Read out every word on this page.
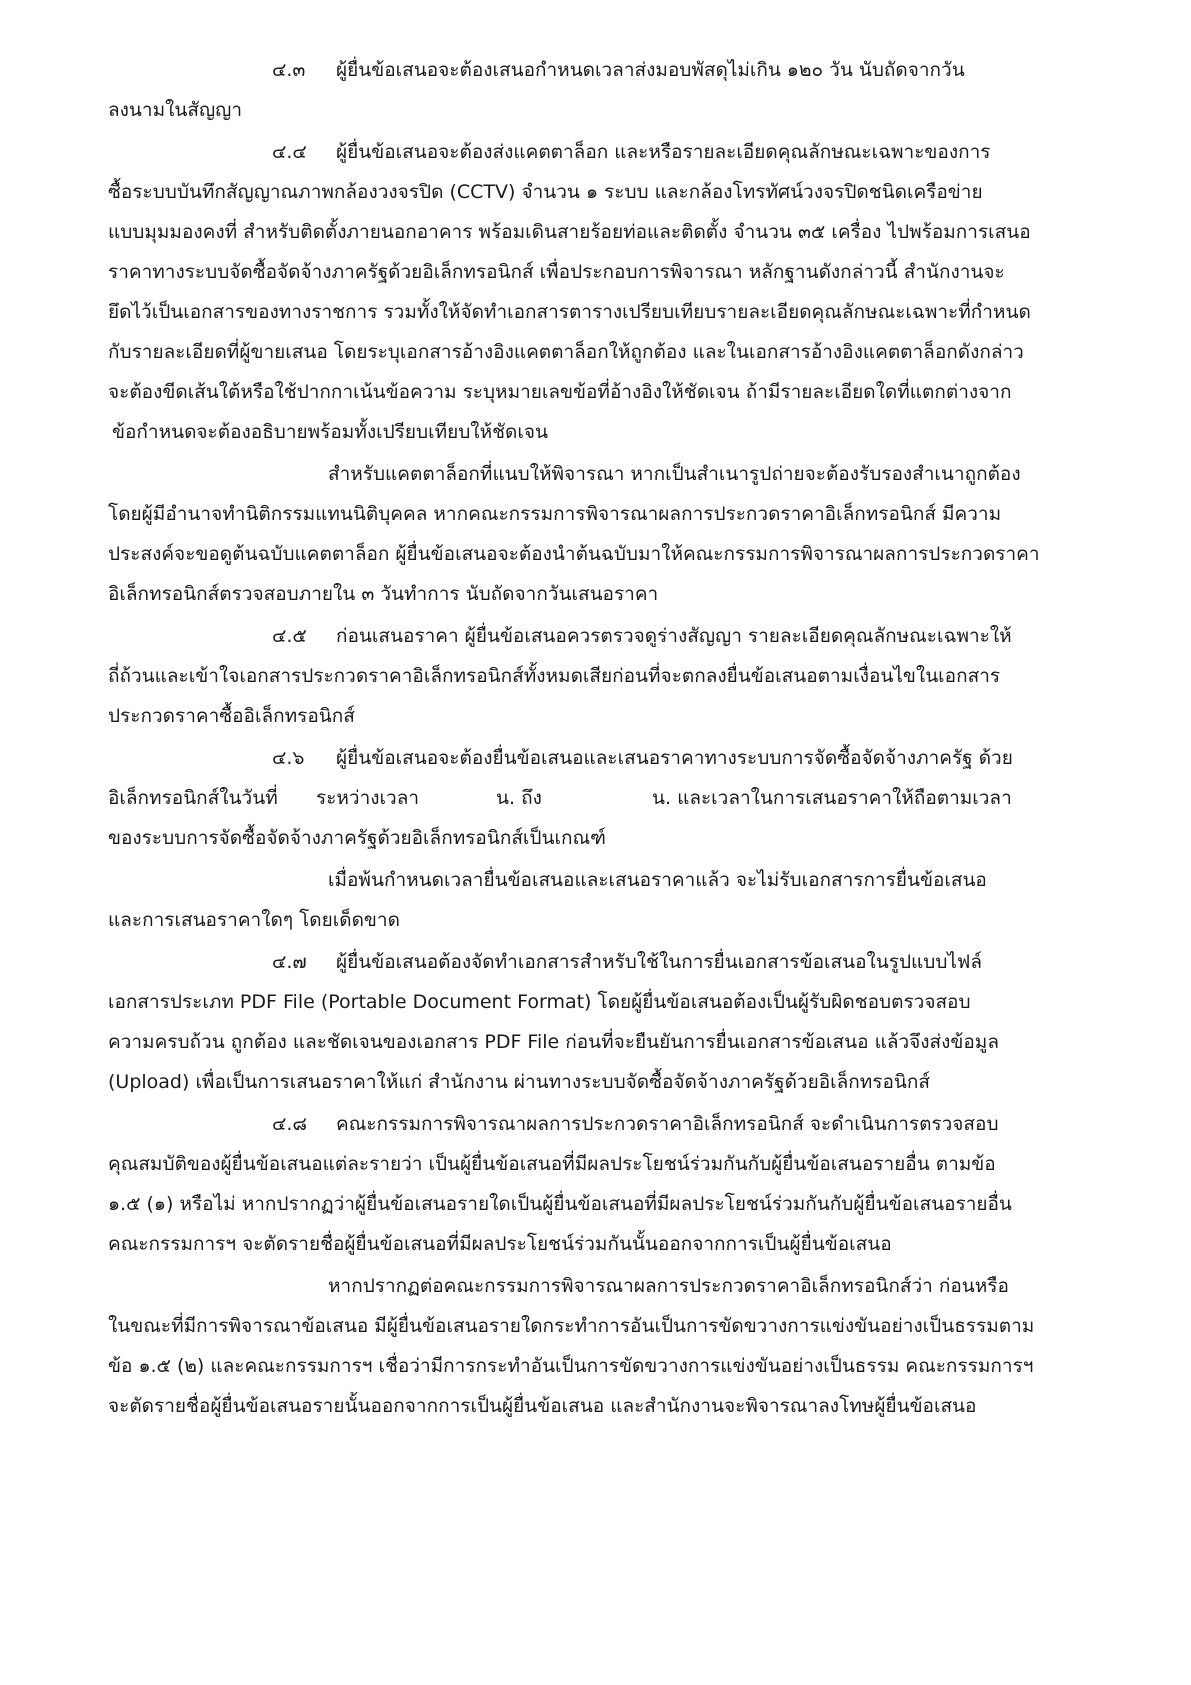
๔.๓ ผู้ยื่นข้อเสนอจะต้องเสนอกำหนดเวลาส่งมอบพัสดุไม่เกิน ๑๒๐ วัน นับถัดจากวัน
ลงนามในสัญญา
๔.๔ ผู้ยื่นข้อเสนอจะต้องส่งแคตตาล็อก และหรือรายละเอียดคุณลักษณะเฉพาะของการ
ซื้อระบบบันทึกสัญญาณภาพกล้องวงจรปิด (CCTV) จำนวน ๑ ระบบ และกล้องโทรทัศน์วงจรปิดชนิดเครือข่าย
แบบมุมมองคงที่ สำหรับติดตั้งภายนอกอาคาร พร้อมเดินสายร้อยท่อและติดตั้ง จำนวน ๓๕ เครื่อง ไปพร้อมการเสนอ
ราคาทางระบบจัดซื้อจัดจ้างภาครัฐด้วยอิเล็กทรอนิกส์ เพื่อประกอบการพิจารณา หลักฐานดังกล่าวนี้ สำนักงานจะ
ยึดไว้เป็นเอกสารของทางราชการ รวมทั้งให้จัดทำเอกสารตารางเปรียบเทียบรายละเอียดคุณลักษณะเฉพาะที่กำหนด
กับรายละเอียดที่ผู้ขายเสนอ โดยระบุเอกสารอ้างอิงแคตตาล็อกให้ถูกต้อง และในเอกสารอ้างอิงแคตตาล็อกดังกล่าว
จะต้องขีดเส้นใต้หรือใช้ปากกาเน้นข้อความ ระบุหมายเลขข้อที่อ้างอิงให้ชัดเจน ถ้ามีรายละเอียดใดที่แตกต่างจาก
ข้อกำหนดจะต้องอธิบายพร้อมทั้งเปรียบเทียบให้ชัดเจน
สำหรับแคตตาล็อกที่แนบให้พิจารณา หากเป็นสำเนารูปถ่ายจะต้องรับรองสำเนาถูกต้อง
โดยผู้มีอำนาจทำนิติกรรมแทนนิติบุคคล หากคณะกรรมการพิจารณาผลการประกวดราคาอิเล็กทรอนิกส์ มีความ
ประสงค์จะขอดูต้นฉบับแคตตาล็อก ผู้ยื่นข้อเสนอจะต้องนำต้นฉบับมาให้คณะกรรมการพิจารณาผลการประกวดราคา
อิเล็กทรอนิกส์ตรวจสอบภายใน ๓ วันทำการ นับถัดจากวันเสนอราคา
๔.๕ ก่อนเสนอราคา ผู้ยื่นข้อเสนอควรตรวจดูร่างสัญญา รายละเอียดคุณลักษณะเฉพาะให้
ถี่ถ้วนและเข้าใจเอกสารประกวดราคาอิเล็กทรอนิกส์ทั้งหมดเสียก่อนที่จะตกลงยื่นข้อเสนอตามเงื่อนไขในเอกสาร
ประกวดราคาซื้ออิเล็กทรอนิกส์
๔.๖ ผู้ยื่นข้อเสนอจะต้องยื่นข้อเสนอและเสนอราคาทางระบบการจัดซื้อจัดจ้างภาครัฐ ด้วย
อิเล็กทรอนิกส์ในวันที่ ระหว่างเวลา	น. ถึง	น. และเวลาในการเสนอราคาให้ถือตามเวลา
ของระบบการจัดซื้อจัดจ้างภาครัฐด้วยอิเล็กทรอนิกส์เป็นเกณฑ์
เมื่อพ้นกำหนดเวลายื่นข้อเสนอและเสนอราคาแล้ว จะไม่รับเอกสารการยื่นข้อเสนอ
และการเสนอราคาใดๆ โดยเด็ดขาด
๔.๗ ผู้ยื่นข้อเสนอต้องจัดทำเอกสารสำหรับใช้ในการยื่นเอกสารข้อเสนอในรูปแบบไฟล์
เอกสารประเภท PDF File (Portable Document Format) โดยผู้ยื่นข้อเสนอต้องเป็นผู้รับผิดชอบตรวจสอบ
ความครบถ้วน ถูกต้อง และชัดเจนของเอกสาร PDF File ก่อนที่จะยืนยันการยื่นเอกสารข้อเสนอ แล้วจึงส่งข้อมูล
(Upload) เพื่อเป็นการเสนอราคาให้แก่ สำนักงาน ผ่านทางระบบจัดซื้อจัดจ้างภาครัฐด้วยอิเล็กทรอนิกส์
๔.๘ คณะกรรมการพิจารณาผลการประกวดราคาอิเล็กทรอนิกส์ จะดำเนินการตรวจสอบ
คุณสมบัติของผู้ยื่นข้อเสนอแต่ละรายว่า เป็นผู้ยื่นข้อเสนอที่มีผลประโยชน์ร่วมกันกับผู้ยื่นข้อเสนอรายอื่น ตามข้อ
๑.๕ (๑) หรือไม่ หากปรากฏว่าผู้ยื่นข้อเสนอรายใดเป็นผู้ยื่นข้อเสนอที่มีผลประโยชน์ร่วมกันกับผู้ยื่นข้อเสนอรายอื่น
คณะกรรมการฯ จะตัดรายชื่อผู้ยื่นข้อเสนอที่มีผลประโยชน์ร่วมกันนั้นออกจากการเป็นผู้ยื่นข้อเสนอ
หากปรากฏต่อคณะกรรมการพิจารณาผลการประกวดราคาอิเล็กทรอนิกส์ว่า ก่อนหรือ
ในขณะที่มีการพิจารณาข้อเสนอ มีผู้ยื่นข้อเสนอรายใดกระทำการอันเป็นการขัดขวางการแข่งขันอย่างเป็นธรรมตาม
ข้อ ๑.๕ (๒) และคณะกรรมการฯ เชื่อว่ามีการกระทำอันเป็นการขัดขวางการแข่งขันอย่างเป็นธรรม คณะกรรมการฯ
จะตัดรายชื่อผู้ยื่นข้อเสนอรายนั้นออกจากการเป็นผู้ยื่นข้อเสนอ และสำนักงานจะพิจารณาลงโทษผู้ยื่นข้อเสนอ
